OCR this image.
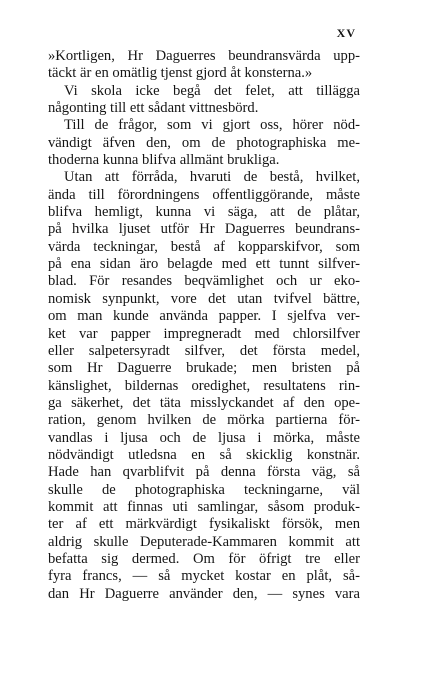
XV
»Kortligen, Hr Daguerres beundransvärda upp-
täckt är en omätlig tjenst gjord åt konsterna.»
Vi skola icke begå det felet, att tillägga
någonting till ett sådant vittnesbörd.
Till de frågor, som vi gjort oss, hörer nöd-
vändigt äfven den, om de photographiska me-
thoderna kunna blifva allmänt brukliga.
Utan att förråda, hvaruti de bestå, hvilket,
ända till förordningens offentliggörande, måste
blifva hemligt, kunna vi säga, att de plåtar,
på hvilka ljuset utför Hr Daguerres beundrans-
värda teckningar, bestå af kopparskifvor, som
på ena sidan äro belagde med ett tunnt silfver-
blad. För resandes beqvämlighet och ur eko-
nomisk synpunkt, vore det utan tvifvel bättre,
om man kunde använda papper. I sjelfva ver-
ket var papper impregneradt med chlorsilfver
eller salpetersyradt silfver, det första medel,
som Hr Daguerre brukade; men bristen på
känslighet, bildernas oredighet, resultatens rin-
ga säkerhet, det täta misslyckandet af den ope-
ration, genom hvilken de mörka partierna för-
vandlas i ljusa och de ljusa i mörka, måste
nödvändigt utledsna en så skicklig konstnär.
Hade han qvarblifvit på denna första väg, så
skulle de photographiska teckningarne, väl
kommit att finnas uti samlingar, såsom produk-
ter af ett märkvärdigt fysikaliskt försök, men
aldrig skulle Deputerade-Kammaren kommit att
befatta sig dermed. Om för öfrigt tre eller
fyra francs, — så mycket kostar en plåt, så-
dan Hr Daguerre använder den, — synes vara
